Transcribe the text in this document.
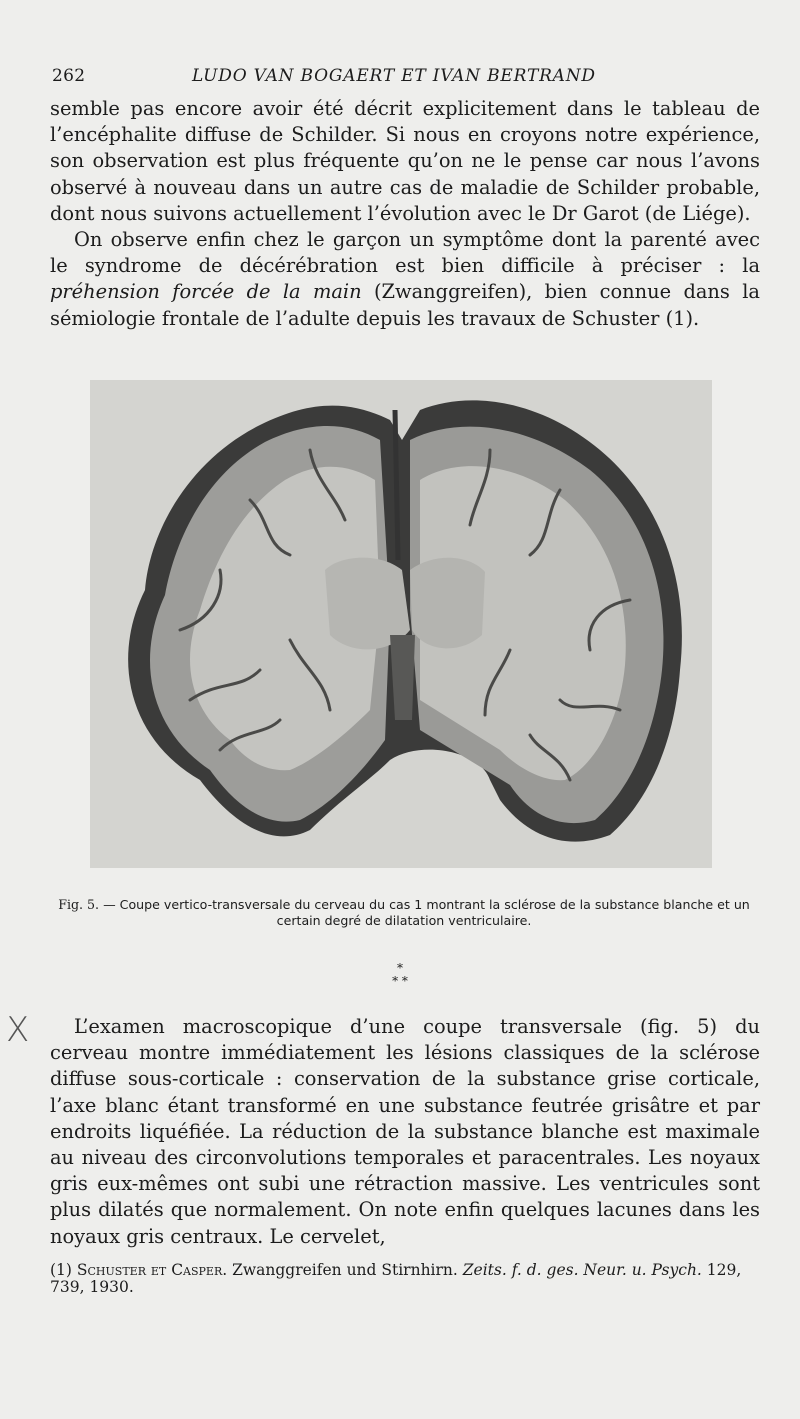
262	LUDO VAN BOGAERT ET IVAN BERTRAND

semble pas encore avoir été décrit explicitement dans le tableau de l’encéphalite diffuse de Schilder. Si nous en croyons notre expérience, son observation est plus fréquente qu’on ne le pense car nous l’avons observé à nouveau dans un autre cas de maladie de Schilder probable, dont nous suivons actuellement l’évolution avec le Dr Garot (de Liége).

On observe enfin chez le garçon un symptôme dont la parenté avec le syndrome de décérébration est bien difficile à préciser : la préhension forcée de la main (Zwanggreifen), bien connue dans la sémiologie frontale de l’adulte depuis les travaux de Schuster (1).

Fig. 5. — Coupe vertico-transversale du cerveau du cas 1 montrant la sclérose de la substance blanche et un certain degré de dilatation ventriculaire.
*
* *
X	L’examen macroscopique d’une coupe transversale (fig. 5) du cerveau montre immédiatement les lésions classiques de la sclérose diffuse sous-corticale : conservation de la substance grise corticale, l’axe blanc étant transformé en une substance feutrée grisâtre et par endroits liquéfiée. La réduction de la substance blanche est maximale au niveau des circonvolutions temporales et paracentrales. Les noyaux gris eux-mêmes ont subi une rétraction massive. Les ventricules sont plus dilatés que normalement. On note enfin quelques lacunes dans les noyaux gris centraux. Le cervelet,

(1) Schuster et Casper. Zwanggreifen und Stirnhirn. Zeits. f. d. ges. Neur. u. Psych. 129, 739, 1930.
